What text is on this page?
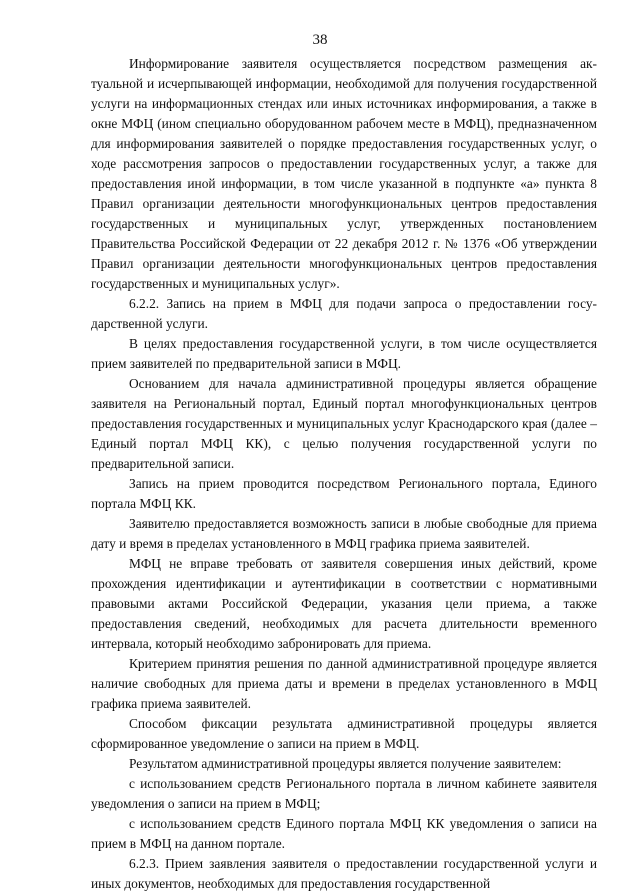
38

Информирование заявителя осуществляется посредством размещения актуальной и исчерпывающей информации, необходимой для получения государственной услуги на информационных стендах или иных источниках информирования, а также в окне МФЦ (ином специально оборудованном рабочем месте в МФЦ), предназначенном для информирования заявителей о порядке предоставления государственных услуг, о ходе рассмотрения запросов о предоставлении государственных услуг, а также для предоставления иной информации, в том числе указанной в подпункте «а» пункта 8 Правил организации деятельности многофункциональных центров предоставления государственных и муниципальных услуг, утвержденных постановлением Правительства Российской Федерации от 22 декабря 2012 г. № 1376 «Об утверждении Правил организации деятельности многофункциональных центров предоставления государственных и муниципальных услуг».

6.2.2. Запись на прием в МФЦ для подачи запроса о предоставлении государственной услуги.

В целях предоставления государственной услуги, в том числе осуществляется прием заявителей по предварительной записи в МФЦ.

Основанием для начала административной процедуры является обращение заявителя на Региональный портал, Единый портал многофункциональных центров предоставления государственных и муниципальных услуг Краснодарского края (далее – Единый портал МФЦ КК), с целью получения государственной услуги по предварительной записи.

Запись на прием проводится посредством Регионального портала, Единого портала МФЦ КК.

Заявителю предоставляется возможность записи в любые свободные для приема дату и время в пределах установленного в МФЦ графика приема заявителей.

МФЦ не вправе требовать от заявителя совершения иных действий, кроме прохождения идентификации и аутентификации в соответствии с нормативными правовыми актами Российской Федерации, указания цели приема, а также предоставления сведений, необходимых для расчета длительности временного интервала, который необходимо забронировать для приема.

Критерием принятия решения по данной административной процедуре является наличие свободных для приема даты и времени в пределах установленного в МФЦ графика приема заявителей.

Способом фиксации результата административной процедуры является сформированное уведомление о записи на прием в МФЦ.

Результатом административной процедуры является получение заявителем:

с использованием средств Регионального портала в личном кабинете заявителя уведомления о записи на прием в МФЦ;

с использованием средств Единого портала МФЦ КК уведомления о записи на прием в МФЦ на данном портале.

6.2.3. Прием заявления заявителя о предоставлении государственной услуги и иных документов, необходимых для предоставления государственной
